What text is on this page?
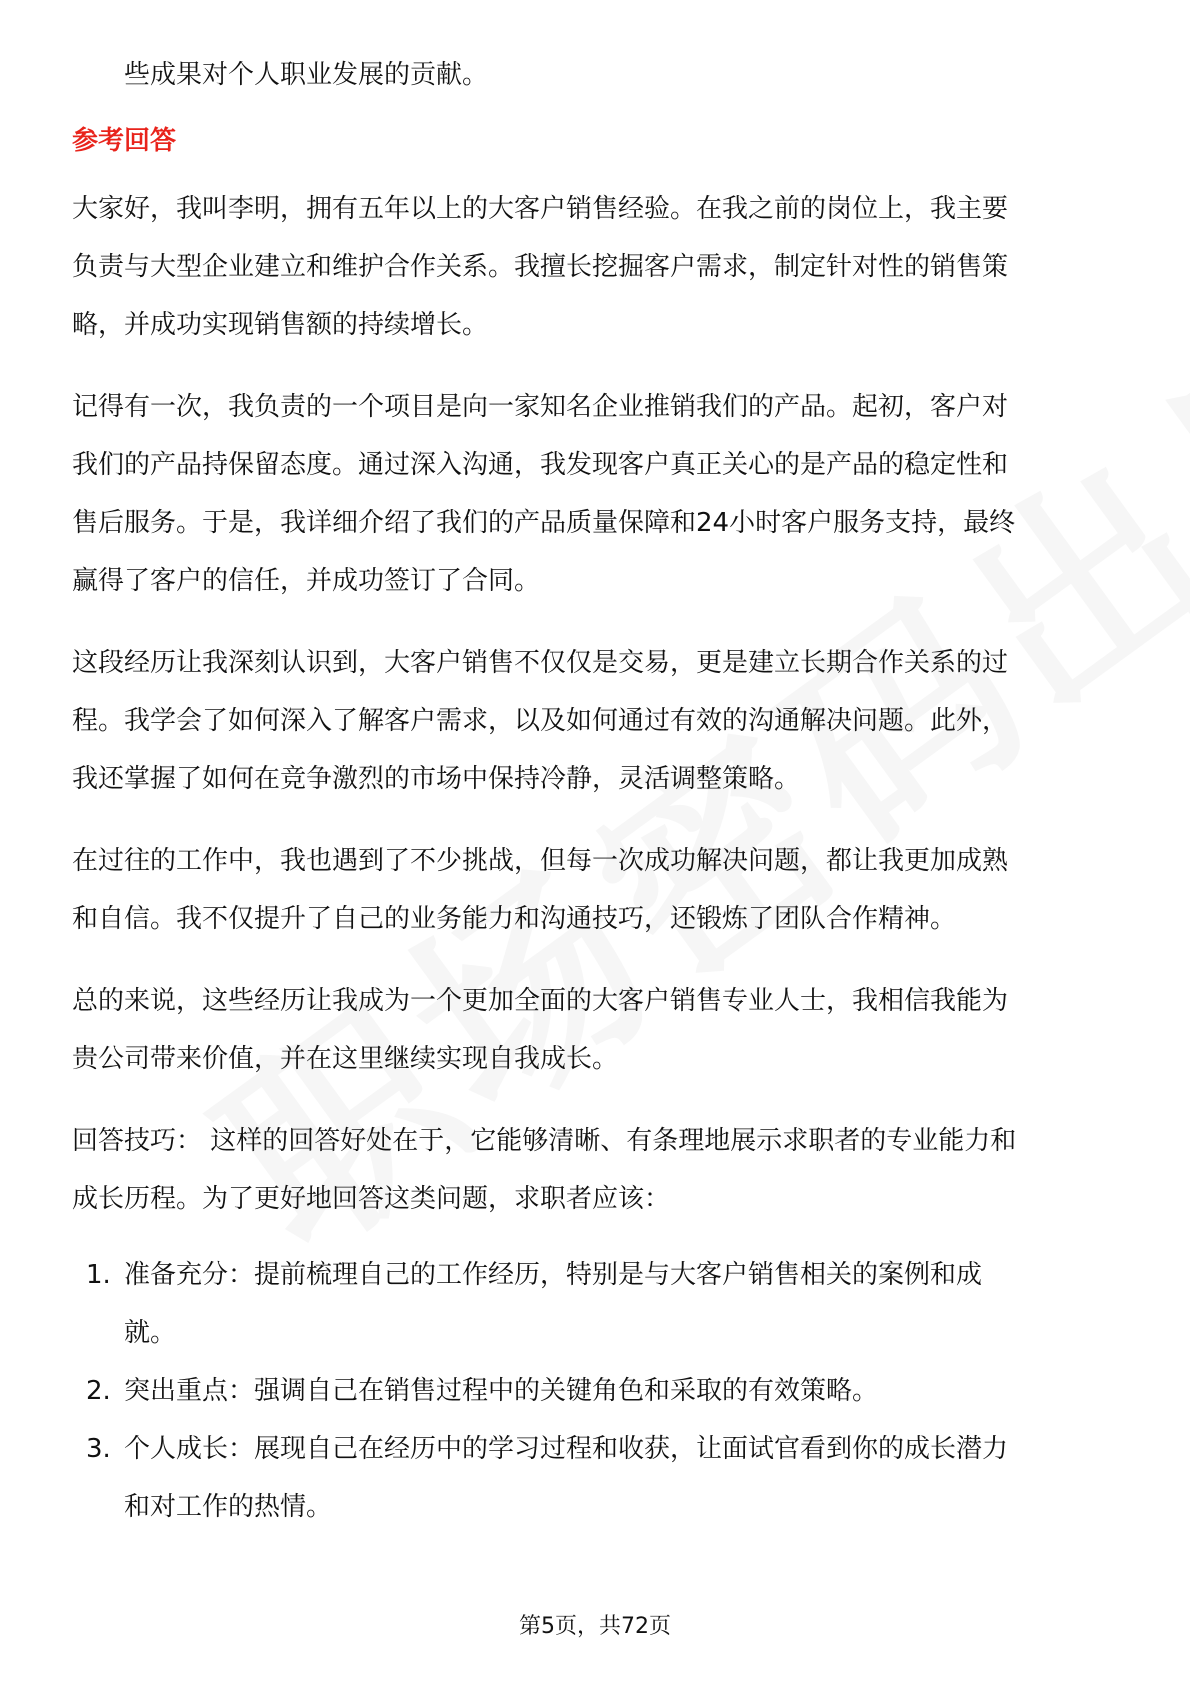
些成果对个人职业发展的贡献。
参考回答
大家好，我叫李明，拥有五年以上的大客户销售经验。在我之前的岗位上，我主要
负责与大型企业建立和维护合作关系。我擅长挖掘客户需求，制定针对性的销售策
略，并成功实现销售额的持续增长。
记得有一次，我负责的一个项目是向一家知名企业推销我们的产品。起初，客户对
我们的产品持保留态度。通过深入沟通，我发现客户真正关心的是产品的稳定性和
售后服务。于是，我详细介绍了我们的产品质量保障和24小时客户服务支持，最终
赢得了客户的信任，并成功签订了合同。
这段经历让我深刻认识到，大客户销售不仅仅是交易，更是建立长期合作关系的过
程。我学会了如何深入了解客户需求，以及如何通过有效的沟通解决问题。此外，
我还掌握了如何在竞争激烈的市场中保持冷静，灵活调整策略。
在过往的工作中，我也遇到了不少挑战，但每一次成功解决问题，都让我更加成熟
和自信。我不仅提升了自己的业务能力和沟通技巧，还锻炼了团队合作精神。
总的来说，这些经历让我成为一个更加全面的大客户销售专业人士，我相信我能为
贵公司带来价值，并在这里继续实现自我成长。
回答技巧： 这样的回答好处在于，它能够清晰、有条理地展示求职者的专业能力和
成长历程。为了更好地回答这类问题，求职者应该：
1. 准备充分：提前梳理自己的工作经历，特别是与大客户销售相关的案例和成
就。
2. 突出重点：强调自己在销售过程中的关键角色和采取的有效策略。
3. 个人成长：展现自己在经历中的学习过程和收获，让面试官看到你的成长潜力
和对工作的热情。
第5页，共72页
